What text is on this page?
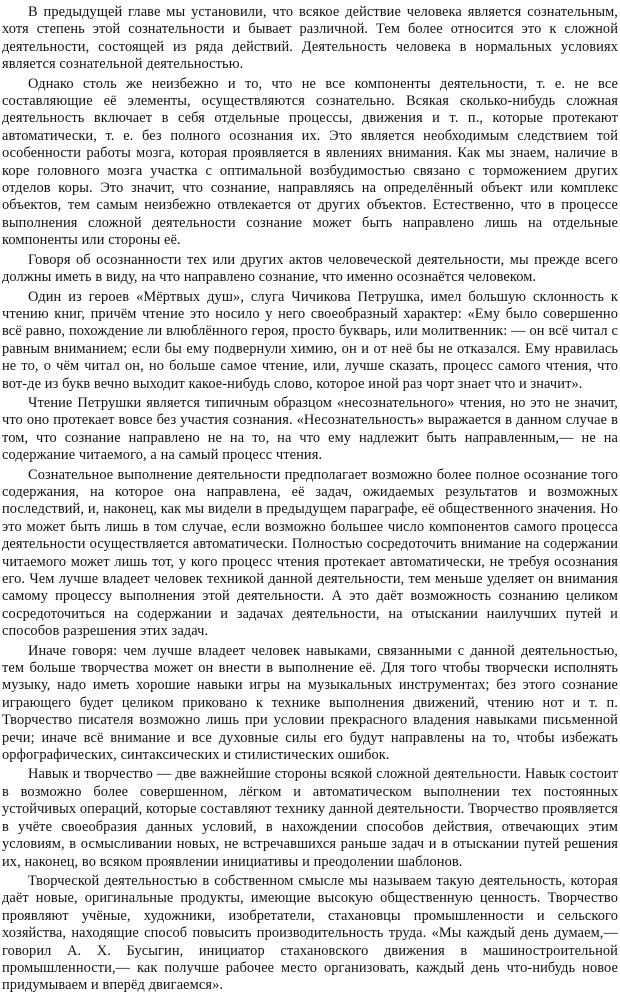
В предыдущей главе мы установили, что всякое действие человека является сознательным, хотя степень этой сознательности и бывает различной. Тем более относится это к сложной деятельности, состоящей из ряда действий. Деятельность человека в нормальных условиях является сознательной деятельностью.

Однако столь же неизбежно и то, что не все компоненты деятельности, т. е. не все составляющие её элементы, осуществляются сознательно. Всякая сколько-нибудь сложная деятельность включает в себя отдельные процессы, движения и т. п., которые протекают автоматически, т. е. без полного осознания их. Это является необходимым следствием той особенности работы мозга, которая проявляется в явлениях внимания. Как мы знаем, наличие в коре головного мозга участка с оптимальной возбудимостью связано с торможением других отделов коры. Это значит, что сознание, направляясь на определённый объект или комплекс объектов, тем самым неизбежно отвлекается от других объектов. Естественно, что в процессе выполнения сложной деятельности сознание может быть направлено лишь на отдельные компоненты или стороны её.

Говоря об осознанности тех или других актов человеческой деятельности, мы прежде всего должны иметь в виду, на что направлено сознание, что именно осознаётся человеком.

Один из героев «Мёртвых душ», слуга Чичикова Петрушка, имел большую склонность к чтению книг, причём чтение это носило у него своеобразный характер: «Ему было совершенно всё равно, похождение ли влюблённого героя, просто букварь, или молитвенник: — он всё читал с равным вниманием; если бы ему подвернули химию, он и от неё бы не отказался. Ему нравилась не то, о чём читал он, но больше самое чтение, или, лучше сказать, процесс самого чтения, что вот-де из букв вечно выходит какое-нибудь слово, которое иной раз чорт знает что и значит».

Чтение Петрушки является типичным образцом «несознательного» чтения, но это не значит, что оно протекает вовсе без участия сознания. «Несознательность» выражается в данном случае в том, что сознание направлено не на то, на что ему надлежит быть направленным,— не на содержание читаемого, а на самый процесс чтения.

Сознательное выполнение деятельности предполагает возможно более полное осознание того содержания, на которое она направлена, её задач, ожидаемых результатов и возможных последствий, и, наконец, как мы видели в предыдущем параграфе, её общественного значения. Но это может быть лишь в том случае, если возможно большее число компонентов самого процесса деятельности осуществляется автоматически. Полностью сосредоточить внимание на содержании читаемого может лишь тот, у кого процесс чтения протекает автоматически, не требуя осознания его. Чем лучше владеет человек техникой данной деятельности, тем меньше уделяет он внимания самому процессу выполнения этой деятельности. А это даёт возможность сознанию целиком сосредоточиться на содержании и задачах деятельности, на отыскании наилучших путей и способов разрешения этих задач.

Иначе говоря: чем лучше владеет человек навыками, связанными с данной деятельностью, тем больше творчества может он внести в выполнение её. Для того чтобы творчески исполнять музыку, надо иметь хорошие навыки игры на музыкальных инструментах; без этого сознание играющего будет целиком приковано к технике выполнения движений, чтению нот и т. п. Творчество писателя возможно лишь при условии прекрасного владения навыками письменной речи; иначе всё внимание и все духовные силы его будут направлены на то, чтобы избежать орфографических, синтаксических и стилистических ошибок.

Навык и творчество — две важнейшие стороны всякой сложной деятельности. Навык состоит в возможно более совершенном, лёгком и автоматическом выполнении тех постоянных устойчивых операций, которые составляют технику данной деятельности. Творчество проявляется в учёте своеобразия данных условий, в нахождении способов действия, отвечающих этим условиям, в осмысливании новых, не встречавшихся раньше задач и в отыскании путей решения их, наконец, во всяком проявлении инициативы и преодолении шаблонов.

Творческой деятельностью в собственном смысле мы называем такую деятельность, которая даёт новые, оригинальные продукты, имеющие высокую общественную ценность. Творчество проявляют учёные, художники, изобретатели, стахановцы промышленности и сельского хозяйства, находящие способ повысить производительность труда. «Мы каждый день думаем,— говорил А. Х. Бусыгин, инициатор стахановского движения в машиностроительной промышленности,— как получше рабочее место организовать, каждый день что-нибудь новое придумываем и вперёд двигаемся».
